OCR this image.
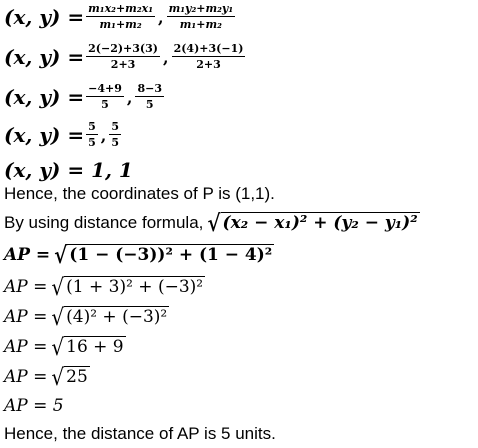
(x, $y) = \frac{\text{m₁x₂+m₂x₁}}{\text{m₁+m₂}}$ , $\frac{\text{m₁y₂+m₂y₁}}{\text{m₁+m₂}}$
(x, $y) = \frac{2(-2)+3(3)}{2+3}$ , $\frac{2(4)+3(-1)}{2+3}$
(x, $y) = \frac{-4+9}{5}$ , $\frac{8-3}{5}$
(x, $y) = \frac{5}{5}$ , $\frac{5}{5}$
(x, y) = 1, 1
Hence, the coordinates of P is (1,1).
By using distance formula, √ (x₂ − x₁)² + (y₂ − y₁)²
AP = √ (1 − (−3))² + (1 − 4)²
AP = √ (1 + 3)² + (−3)²
AP = √ (4)² + (−3)²
AP = √ 16 + 9
AP = √ 25
AP = 5
Hence, the distance of AP is 5 units.
